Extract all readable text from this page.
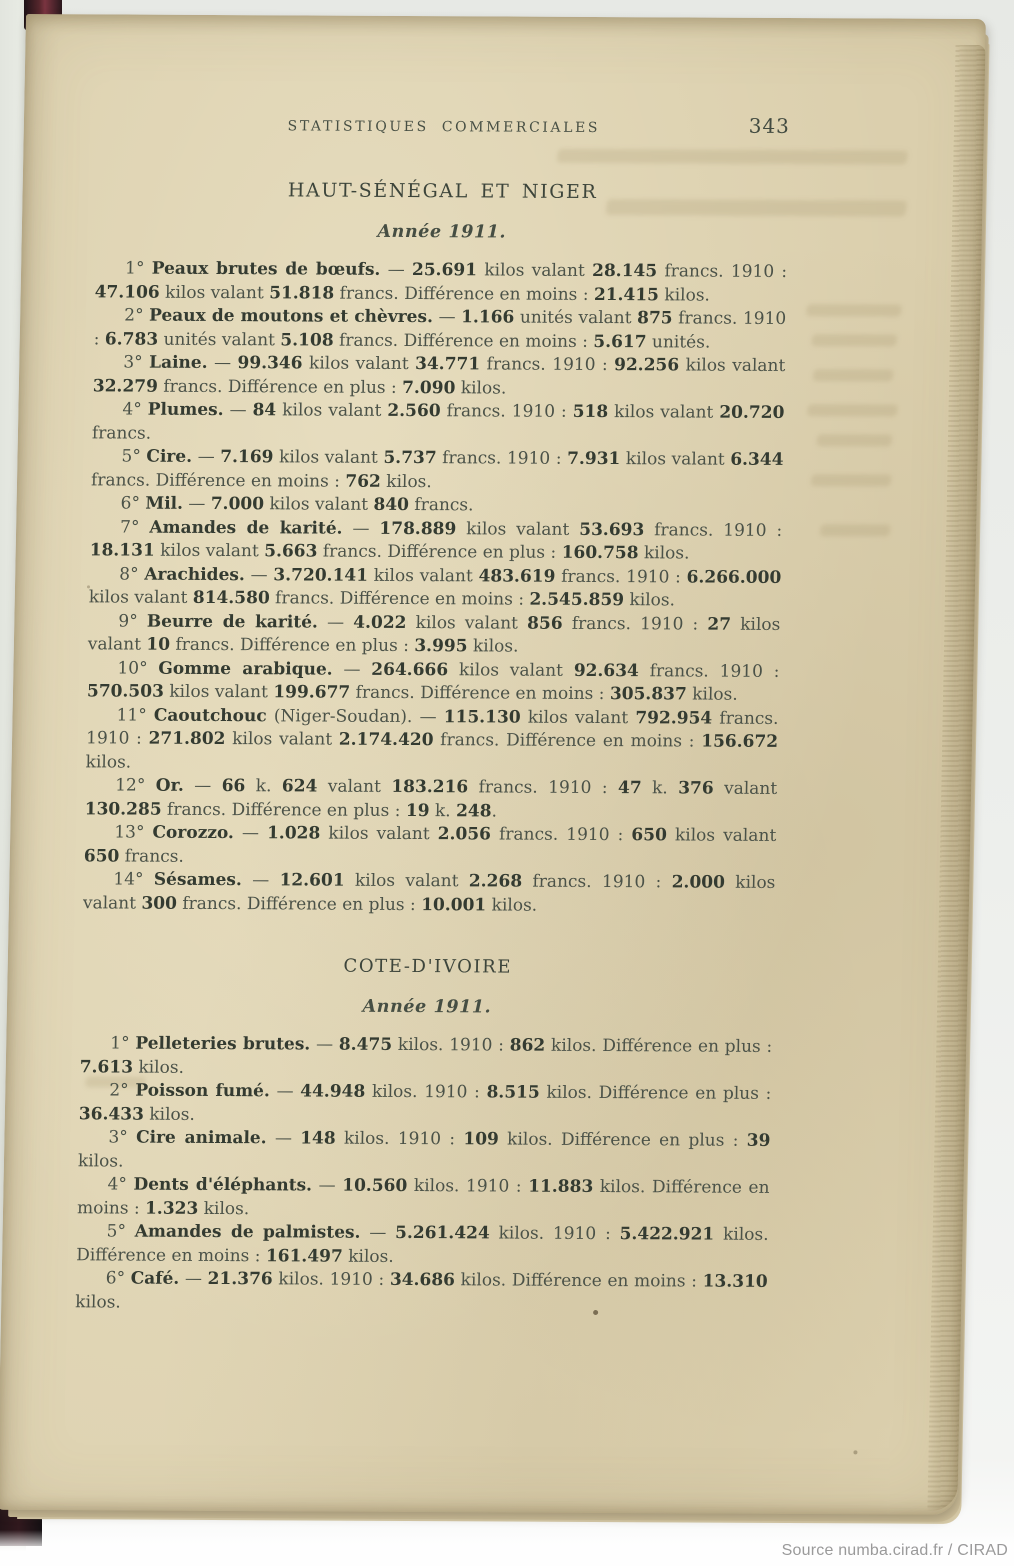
STATISTIQUES COMMERCIALES	343
HAUT-SÉNÉGAL ET NIGER
Année 1911.

1° Peaux brutes de bœufs. — 25.691 kilos valant 28.145 francs. 1910 : 47.106 kilos valant 51.818 francs. Différence en moins : 21.415 kilos.

2° Peaux de moutons et chèvres. — 1.166 unités valant 875 francs. 1910 : 6.783 unités valant 5.108 francs. Différence en moins : 5.617 unités.

3° Laine. — 99.346 kilos valant 34.771 francs. 1910 : 92.256 kilos valant 32.279 francs. Différence en plus : 7.090 kilos.

4° Plumes. — 84 kilos valant 2.560 francs. 1910 : 518 kilos valant 20.720 francs.

5° Cire. — 7.169 kilos valant 5.737 francs. 1910 : 7.931 kilos valant 6.344 francs. Différence en moins : 762 kilos.

6° Mil. — 7.000 kilos valant 840 francs.

7° Amandes de karité. — 178.889 kilos valant 53.693 francs. 1910 : 18.131 kilos valant 5.663 francs. Différence en plus : 160.758 kilos.

8° Arachides. — 3.720.141 kilos valant 483.619 francs. 1910 : 6.266.000 kilos valant 814.580 francs. Différence en moins : 2.545.859 kilos.

9° Beurre de karité. — 4.022 kilos valant 856 francs. 1910 : 27 kilos valant 10 francs. Différence en plus : 3.995 kilos.

10° Gomme arabique. — 264.666 kilos valant 92.634 francs. 1910 : 570.503 kilos valant 199.677 francs. Différence en moins : 305.837 kilos.

11° Caoutchouc (Niger-Soudan). — 115.130 kilos valant 792.954 francs. 1910 : 271.802 kilos valant 2.174.420 francs. Différence en moins : 156.672 kilos.

12° Or. — 66 k. 624 valant 183.216 francs. 1910 : 47 k. 376 valant 130.285 francs. Différence en plus : 19 k. 248.

13° Corozzo. — 1.028 kilos valant 2.056 francs. 1910 : 650 kilos valant 650 francs.

14° Sésames. — 12.601 kilos valant 2.268 francs. 1910 : 2.000 kilos valant 300 francs. Différence en plus : 10.001 kilos.

COTE-D'IVOIRE
Année 1911.

1° Pelleteries brutes. — 8.475 kilos. 1910 : 862 kilos. Différence en plus : 7.613 kilos.

2° Poisson fumé. — 44.948 kilos. 1910 : 8.515 kilos. Différence en plus : 36.433 kilos.

3° Cire animale. — 148 kilos. 1910 : 109 kilos. Différence en plus : 39 kilos.

4° Dents d'éléphants. — 10.560 kilos. 1910 : 11.883 kilos. Différence en moins : 1.323 kilos.

5° Amandes de palmistes. — 5.261.424 kilos. 1910 : 5.422.921 kilos. Différence en moins : 161.497 kilos.

6° Café. — 21.376 kilos. 1910 : 34.686 kilos. Différence en moins : 13.310 kilos.

Source numba.cirad.fr / CIRAD
